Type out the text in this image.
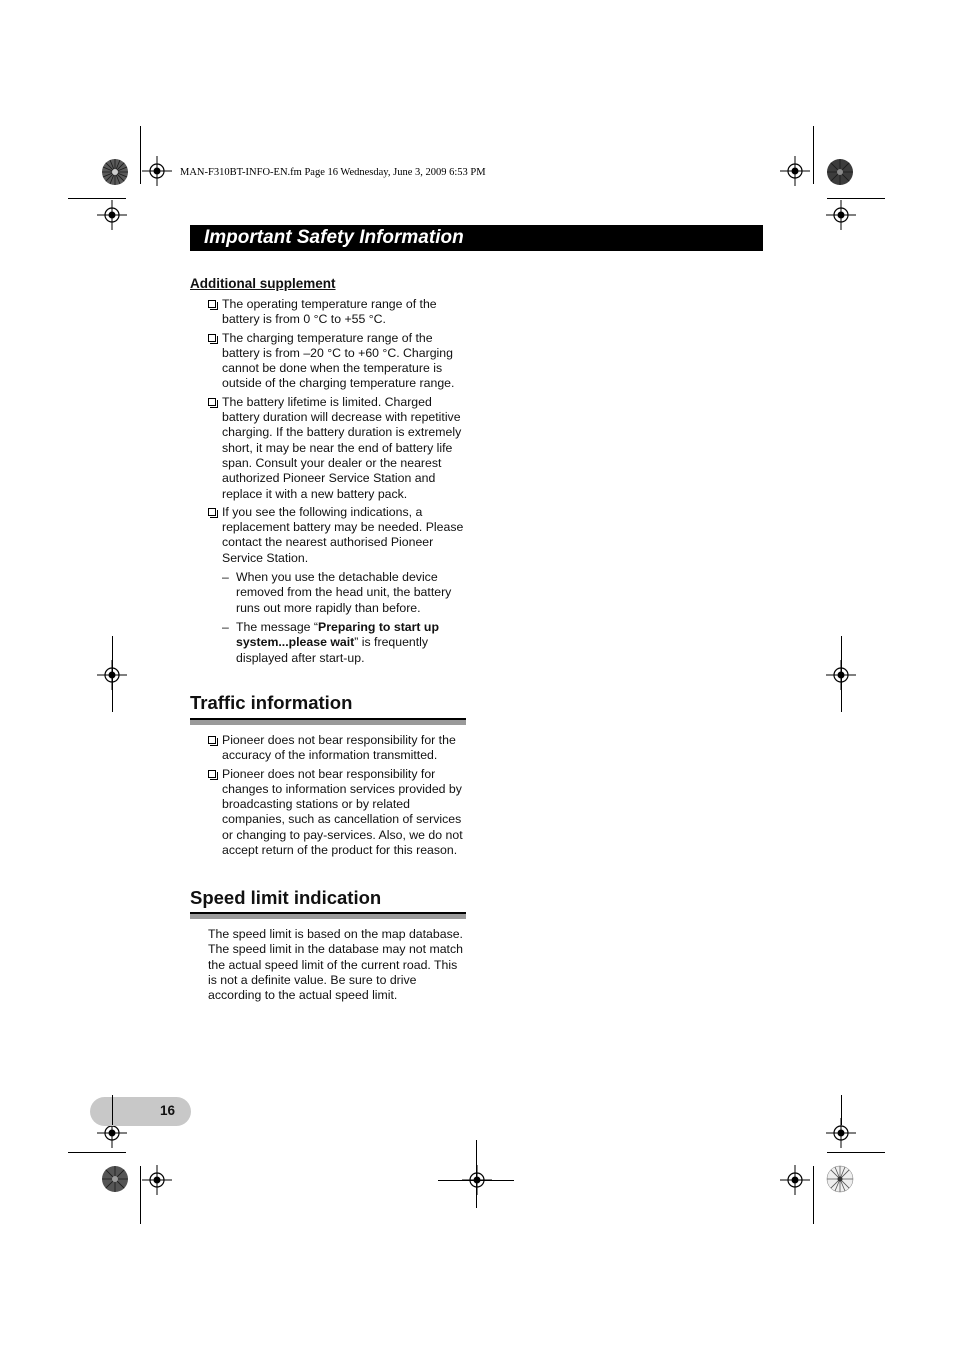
MAN-F310BT-INFO-EN.fm Page 16 Wednesday, June 3, 2009 6:53 PM
Important Safety Information
Additional supplement
The operating temperature range of the battery is from 0 °C to +55 °C.
The charging temperature range of the battery is from –20 °C to +60 °C. Charging cannot be done when the temperature is outside of the charging temperature range.
The battery lifetime is limited. Charged battery duration will decrease with repetitive charging. If the battery duration is extremely short, it may be near the end of battery life span. Consult your dealer or the nearest authorized Pioneer Service Station and replace it with a new battery pack.
If you see the following indications, a replacement battery may be needed. Please contact the nearest authorised Pioneer Service Station.
– When you use the detachable device removed from the head unit, the battery runs out more rapidly than before.
– The message “Preparing to start up system...please wait” is frequently displayed after start-up.
Traffic information
Pioneer does not bear responsibility for the accuracy of the information transmitted.
Pioneer does not bear responsibility for changes to information services provided by broadcasting stations or by related companies, such as cancellation of services or changing to pay-services. Also, we do not accept return of the product for this reason.
Speed limit indication
The speed limit is based on the map database. The speed limit in the database may not match the actual speed limit of the current road. This is not a definite value. Be sure to drive according to the actual speed limit.
16
